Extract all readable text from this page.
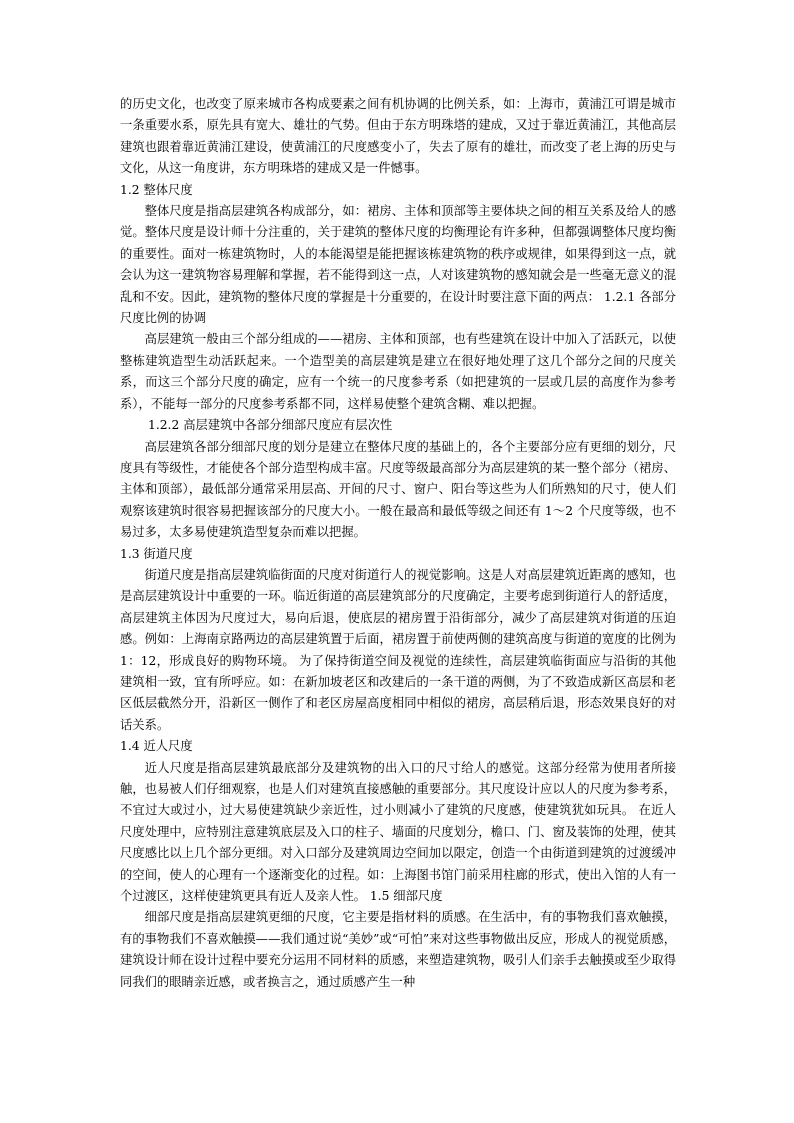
的历史文化，也改变了原来城市各构成要素之间有机协调的比例关系，如：上海市，黄浦江可谓是城市一条重要水系，原先具有宽大、雄壮的气势。但由于东方明珠塔的建成，又过于靠近黄浦江，其他高层建筑也跟着靠近黄浦江建设，使黄浦江的尺度感变小了，失去了原有的雄壮，而改变了老上海的历史与文化，从这一角度讲，东方明珠塔的建成又是一件憾事。

1.2 整体尺度

整体尺度是指高层建筑各构成部分，如：裙房、主体和顶部等主要体块之间的相互关系及给人的感觉。整体尺度是设计师十分注重的，关于建筑的整体尺度的均衡理论有许多种，但都强调整体尺度均衡的重要性。面对一栋建筑物时，人的本能渴望是能把握该栋建筑物的秩序或规律，如果得到这一点，就会认为这一建筑物容易理解和掌握，若不能得到这一点，人对该建筑物的感知就会是一些毫无意义的混乱和不安。因此，建筑物的整体尺度的掌握是十分重要的，在设计时要注意下面的两点： 1.2.1 各部分尺度比例的协调

高层建筑一般由三个部分组成的——裙房、主体和顶部，也有些建筑在设计中加入了活跃元，以使整栋建筑造型生动活跃起来。一个造型美的高层建筑是建立在很好地处理了这几个部分之间的尺度关系，而这三个部分尺度的确定，应有一个统一的尺度参考系（如把建筑的一层或几层的高度作为参考系），不能每一部分的尺度参考系都不同，这样易使整个建筑含糊、难以把握。

1.2.2 高层建筑中各部分细部尺度应有层次性

高层建筑各部分细部尺度的划分是建立在整体尺度的基础上的，各个主要部分应有更细的划分，尺度具有等级性，才能使各个部分造型构成丰富。尺度等级最高部分为高层建筑的某一整个部分（裙房、主体和顶部），最低部分通常采用层高、开间的尺寸、窗户、阳台等这些为人们所熟知的尺寸，使人们观察该建筑时很容易把握该部分的尺度大小。一般在最高和最低等级之间还有 1～2 个尺度等级，也不易过多，太多易使建筑造型复杂而难以把握。

1.3 街道尺度

街道尺度是指高层建筑临街面的尺度对街道行人的视觉影响。这是人对高层建筑近距离的感知，也是高层建筑设计中重要的一环。临近街道的高层建筑部分的尺度确定，主要考虑到街道行人的舒适度，高层建筑主体因为尺度过大，易向后退，使底层的裙房置于沿街部分，减少了高层建筑对街道的压迫感。例如：上海南京路两边的高层建筑置于后面，裙房置于前使两侧的建筑高度与街道的宽度的比例为 1：12，形成良好的购物环境。 为了保持街道空间及视觉的连续性，高层建筑临街面应与沿街的其他建筑相一致，宜有所呼应。如：在新加坡老区和改建后的一条干道的两侧，为了不致造成新区高层和老区低层截然分开，沿新区一侧作了和老区房屋高度相同中相似的裙房，高层稍后退，形态效果良好的对话关系。

1.4 近人尺度

近人尺度是指高层建筑最底部分及建筑物的出入口的尺寸给人的感觉。这部分经常为使用者所接触，也易被人们仔细观察，也是人们对建筑直接感触的重要部分。其尺度设计应以人的尺度为参考系，不宜过大或过小，过大易使建筑缺少亲近性，过小则减小了建筑的尺度感，使建筑犹如玩具。 在近人尺度处理中，应特别注意建筑底层及入口的柱子、墙面的尺度划分，檐口、门、窗及装饰的处理，使其尺度感比以上几个部分更细。对入口部分及建筑周边空间加以限定，创造一个由街道到建筑的过渡缓冲的空间，使人的心理有一个逐渐变化的过程。如：上海图书馆门前采用柱廊的形式，使出入馆的人有一个过渡区，这样使建筑更具有近人及亲人性。 1.5 细部尺度

细部尺度是指高层建筑更细的尺度，它主要是指材料的质感。在生活中，有的事物我们喜欢触摸，有的事物我们不喜欢触摸——我们通过说“美妙”或“可怕”来对这些事物做出反应，形成人的视觉质感，建筑设计师在设计过程中要充分运用不同材料的质感，来塑造建筑物，吸引人们亲手去触摸或至少取得同我们的眼睛亲近感，或者换言之，通过质感产生一种
